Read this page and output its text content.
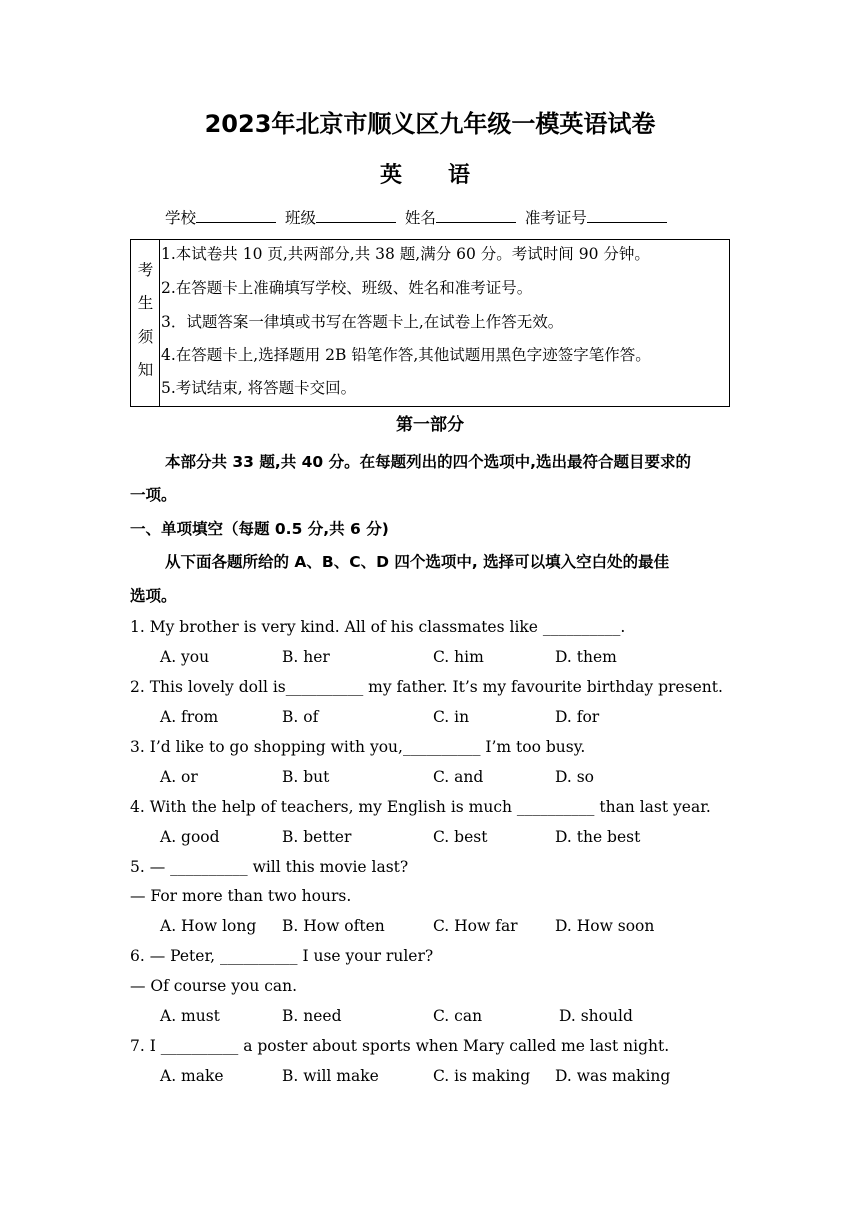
2023年北京市顺义区九年级一模英语试卷
英 语
学校	班级	姓名	准考证号
考
生
须
知
1.本试卷共 10 页,共两部分,共 38 题,满分 60 分。考试时间 90 分钟。
2.在答题卡上准确填写学校、班级、姓名和准考证号。
3．试题答案一律填或书写在答题卡上,在试卷上作答无效。
4.在答题卡上,选择题用 2B 铅笔作答,其他试题用黑色字迹签字笔作答。
5.考试结束, 将答题卡交回。
第一部分
本部分共 33 题,共 40 分。在每题列出的四个选项中,选出最符合题目要求的
一项。
一、单项填空（每题 0.5 分,共 6 分)
从下面各题所给的 A、B、C、D 四个选项中, 选择可以填入空白处的最佳
选项。
1. My brother is very kind. All of his classmates like __________.
A. you	B. her	C. him	D. them
2. This lovely doll is__________ my father. It’s my favourite birthday present.
A. from	B. of	C. in	D. for
3. I’d like to go shopping with you,__________ I’m too busy.
A. or	B. but	C. and	D. so
4. With the help of teachers, my English is much __________ than last year.
A. good	B. better	C. best	D. the best
5. — __________ will this movie last?
— For more than two hours.
A. How long B. How often	C. How far D. How soon
6. — Peter, __________ I use your ruler?
— Of course you can.
A. must	B. need	C. can	D. should
7. I __________ a poster about sports when Mary called me last night.
A. make	B. will make	C. is making D. was making
